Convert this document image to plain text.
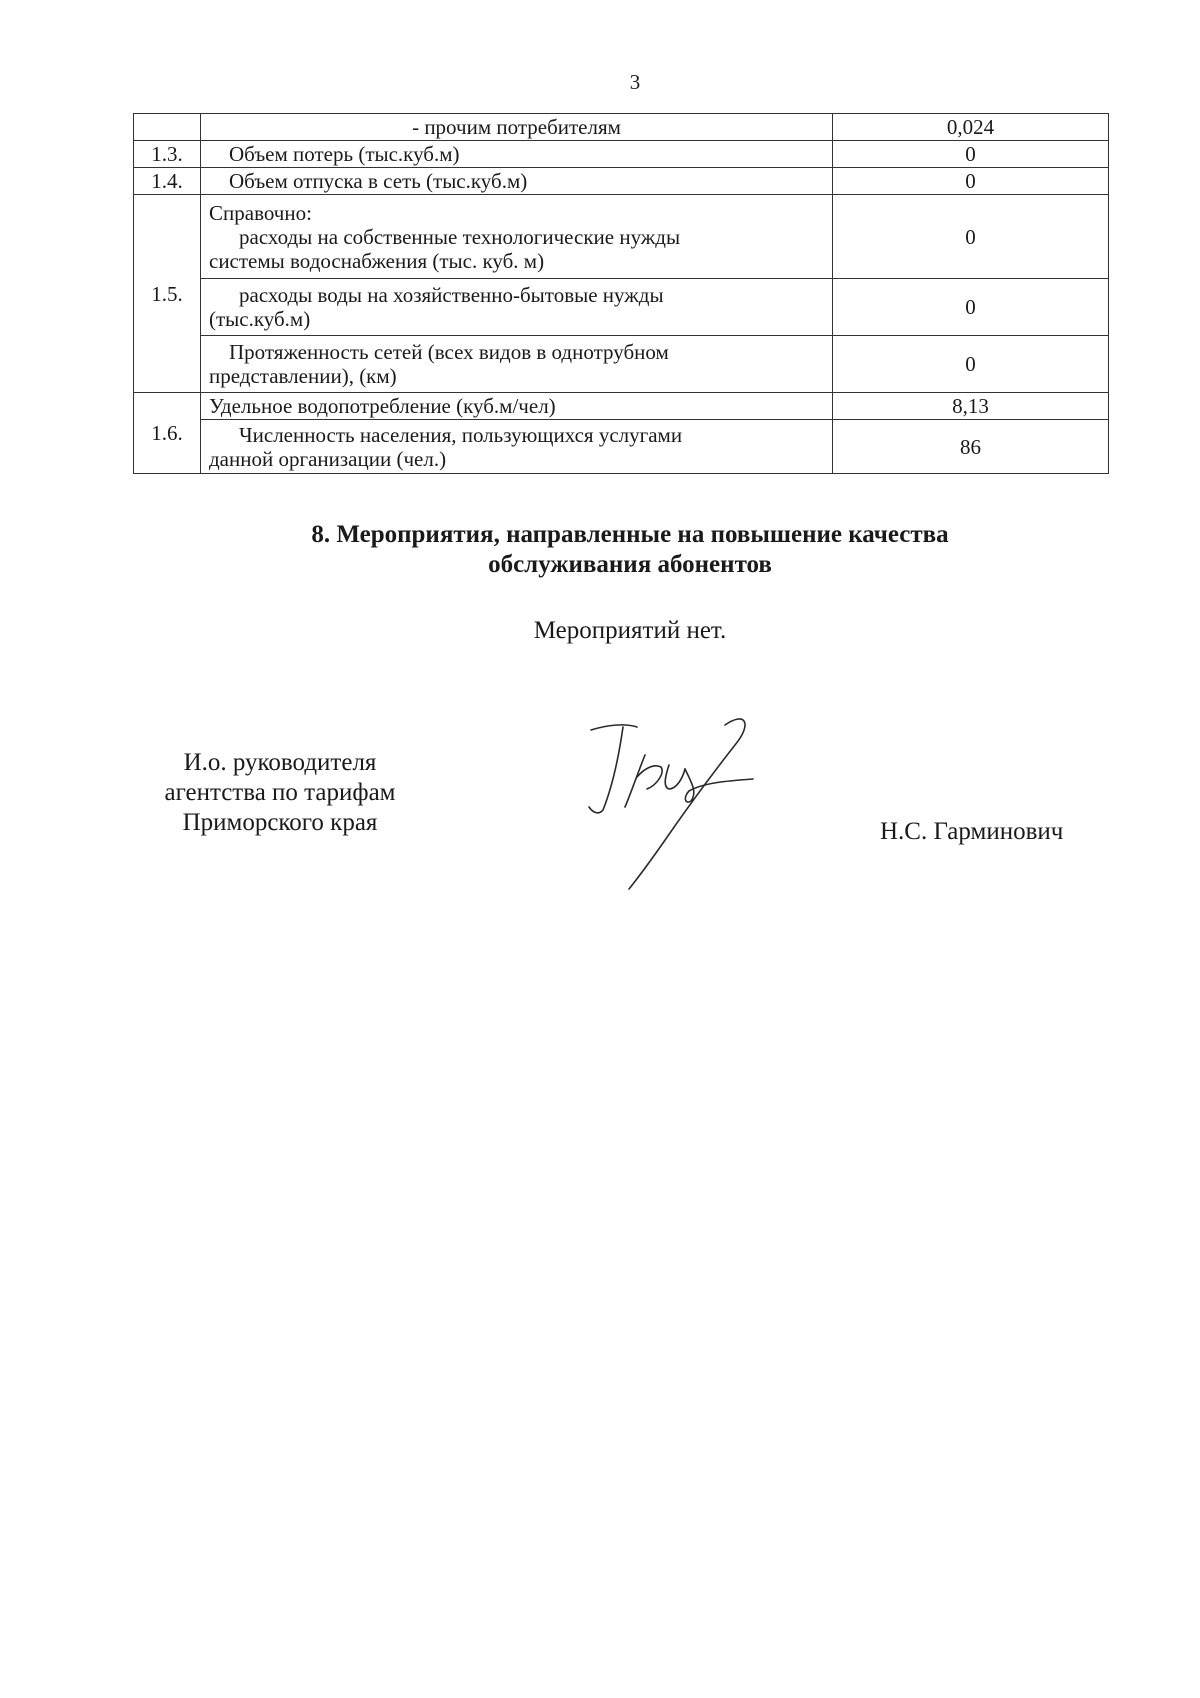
3
	- прочим потребителям	0,024
1.3.	Объем потерь (тыс.куб.м)	0
1.4.	Объем отпуска в сеть (тыс.куб.м)	0
1.5.	Справочно:
расходы на собственные технологические нужды
системы водоснабжения (тыс. куб. м)	0

	расходы воды на хозяйственно-бытовые нужды
(тыс.куб.м)	0

	Протяженность сетей (всех видов в однотрубном
представлении), (км)	0
1.6.	Удельное водопотребление (куб.м/чел)	8,13

	Численность населения, пользующихся услугами
данной организации (чел.)	86
8. Мероприятия, направленные на повышение качества
обслуживания абонентов
Мероприятий нет.
И.о. руководителя
агентства по тарифам
Приморского края	Н.С. Гарминович
